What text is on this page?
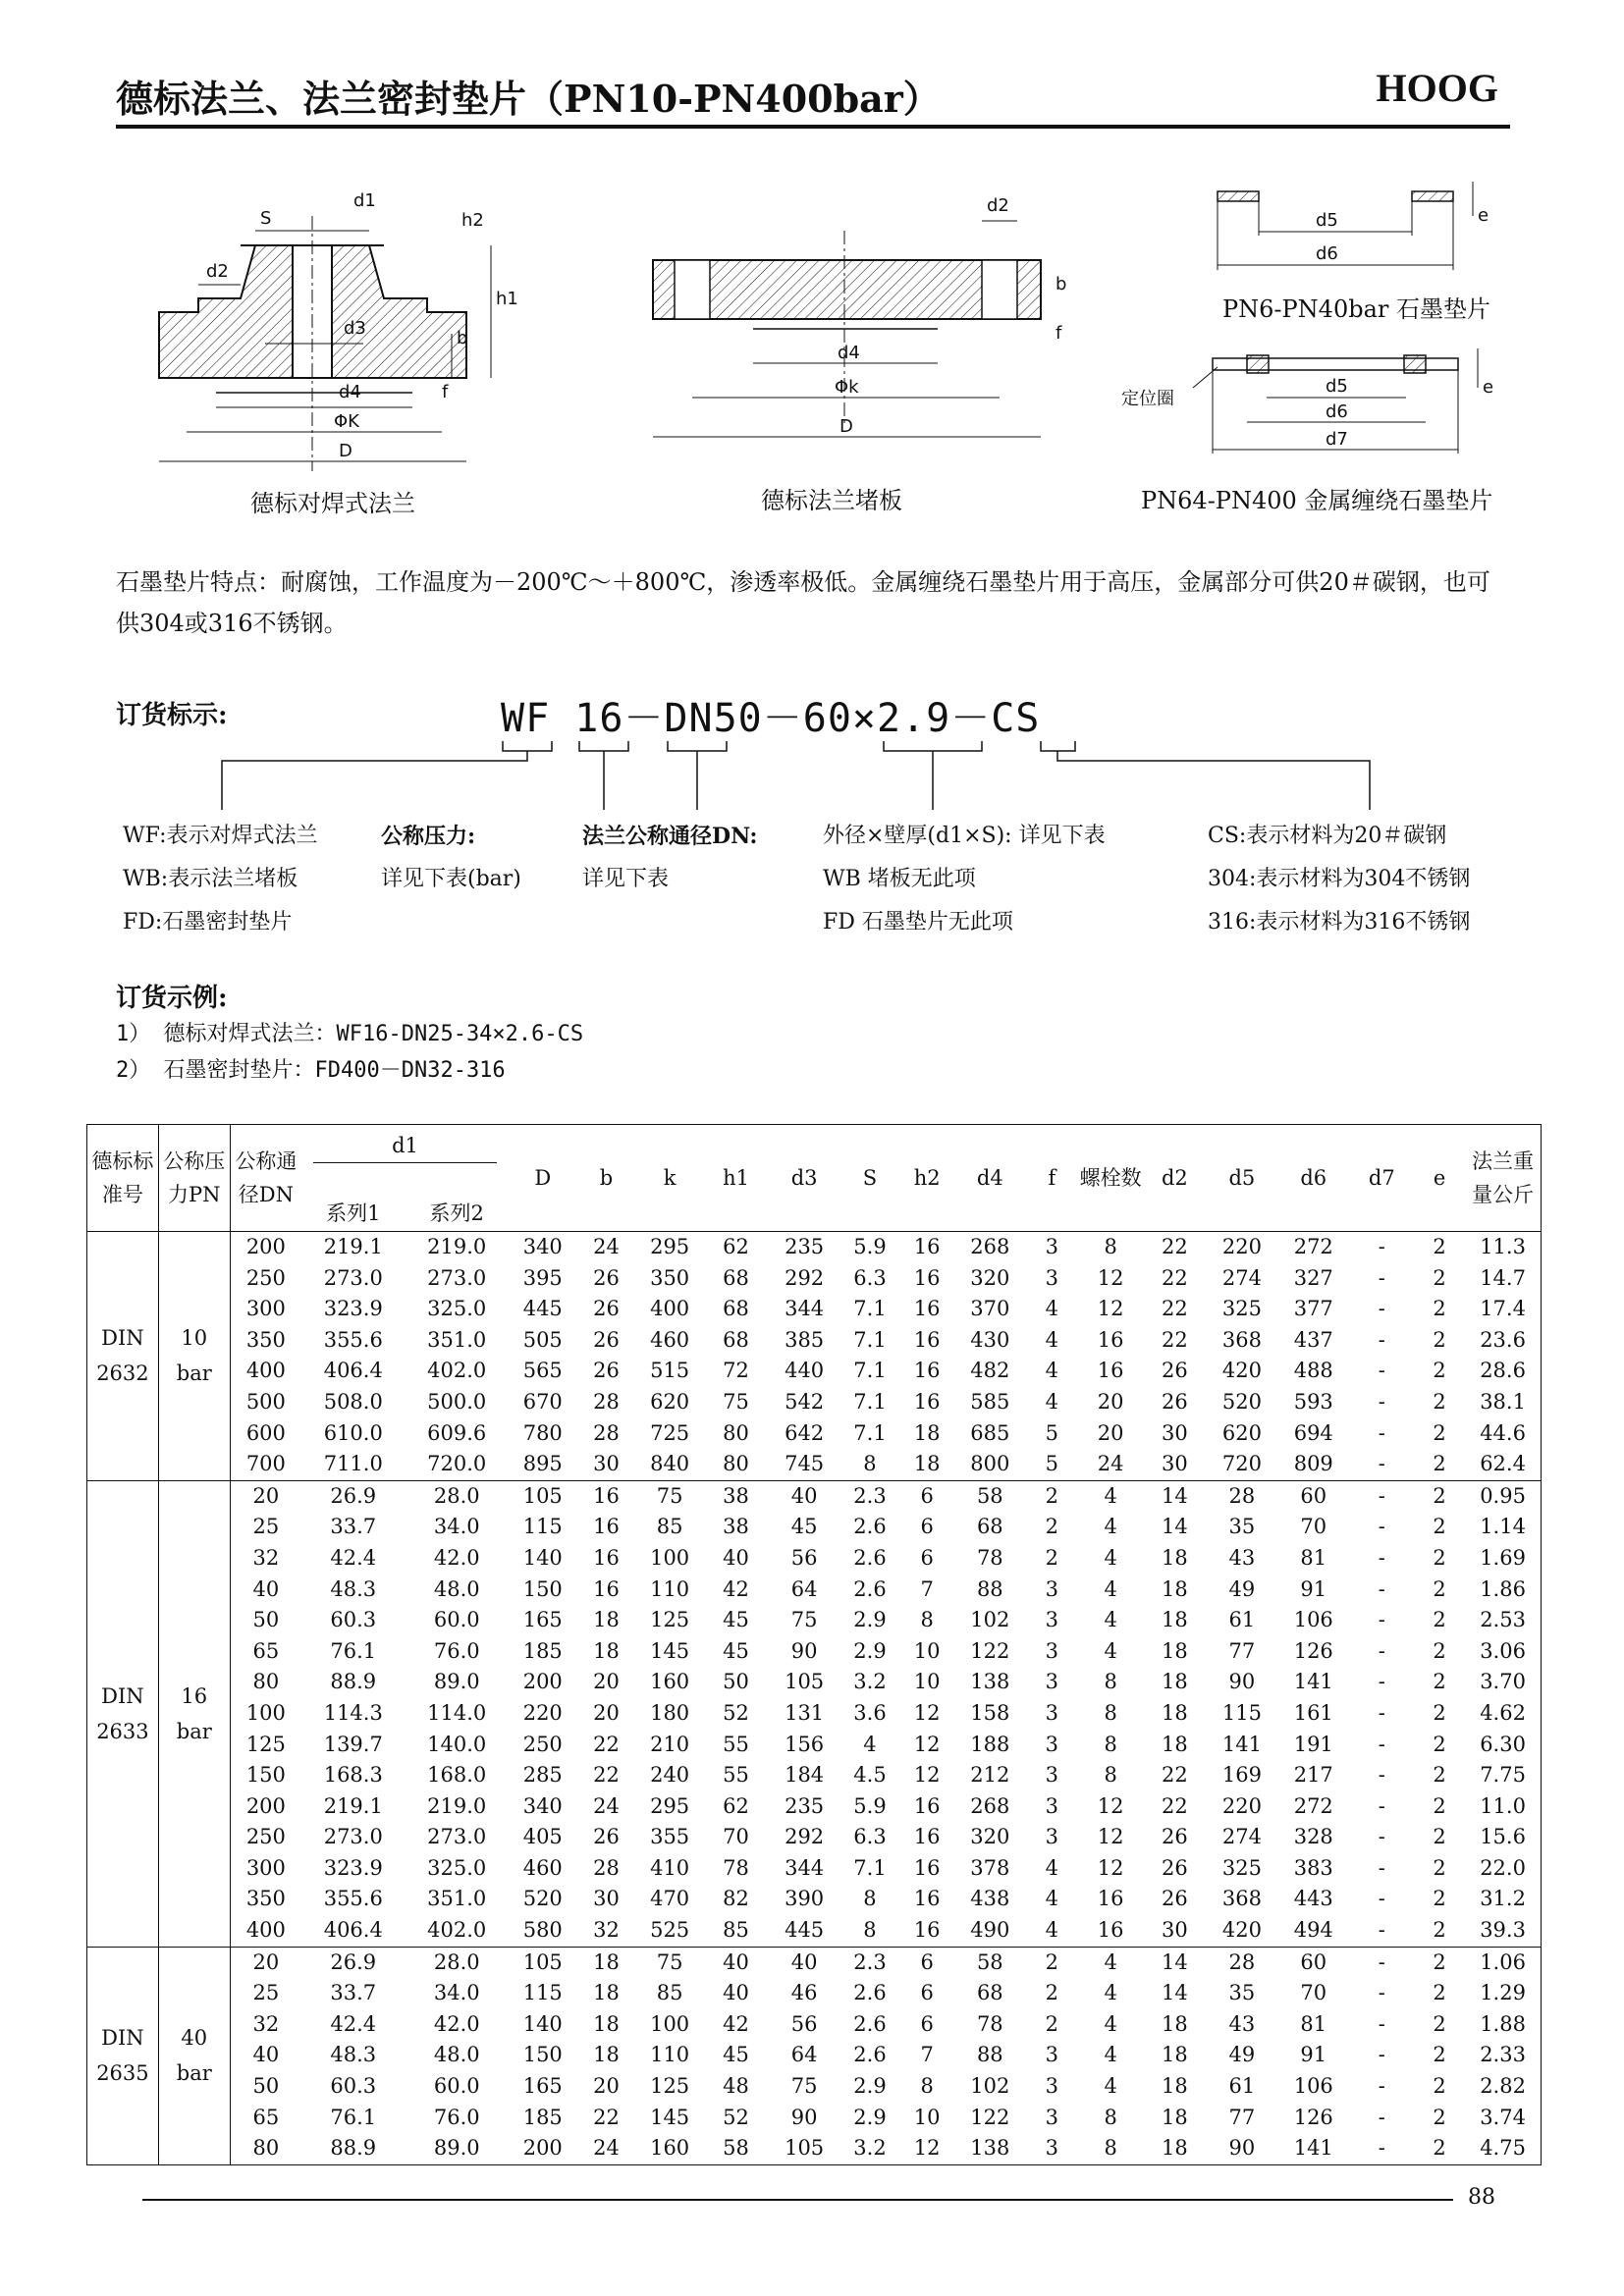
德标法兰、法兰密封垫片（PN10-PN400bar）	HOOG
d1
S	h2
d2
h1
d3	b
d4	f
ΦK
D
德标对焊式法兰
d2
b
f
d4
Φk
D
德标法兰堵板
d5
d6
e
PN6-PN40bar 石墨垫片
定位圈
d5
d6
d7
e
PN64-PN400 金属缠绕石墨垫片
石墨垫片特点：耐腐蚀，工作温度为－200℃～＋800℃，渗透率极低。金属缠绕石墨垫片用于高压，金属部分可供20＃碳钢，也可供304或316不锈钢。
订货标示:	WF 16－DN50－60×2.9－CS
WF:表示对焊式法兰
WB:表示法兰堵板
FD:石墨密封垫片
公称压力:
详见下表(bar)
法兰公称通径DN:
详见下表
外径×壁厚(d1×S): 详见下表
WB 堵板无此项
FD 石墨垫片无此项
CS:表示材料为20＃碳钢
304:表示材料为304不锈钢
316:表示材料为316不锈钢
订货示例:
1） 德标对焊式法兰：WF16-DN25-34×2.6-CS
2） 石墨密封垫片：FD400－DN32-316
德标标准号	公称压力PN	公称通径DN	d1
系列1 系列2		D	b	k	h1	d3	S	h2	d4	f	螺栓数	d2	d5	d6	d7	e	法兰重量公斤
DIN
2632	10
bar	200	219.1	219.0	340	24	295	62	235	5.9	16	268	3	8	22	220	272	-	2	11.3
		250	273.0	273.0	395	26	350	68	292	6.3	16	320	3	12	22	274	327	-	2	14.7
		300	323.9	325.0	445	26	400	68	344	7.1	16	370	4	12	22	325	377	-	2	17.4
		350	355.6	351.0	505	26	460	68	385	7.1	16	430	4	16	22	368	437	-	2	23.6
		400	406.4	402.0	565	26	515	72	440	7.1	16	482	4	16	26	420	488	-	2	28.6
		500	508.0	500.0	670	28	620	75	542	7.1	16	585	4	20	26	520	593	-	2	38.1
		600	610.0	609.6	780	28	725	80	642	7.1	18	685	5	20	30	620	694	-	2	44.6
		700	711.0	720.0	895	30	840	80	745	8	18	800	5	24	30	720	809	-	2	62.4
DIN
2633	16
bar	20	26.9	28.0	105	16	75	38	40	2.3	6	58	2	4	14	28	60	-	2	0.95
		25	33.7	34.0	115	16	85	38	45	2.6	6	68	2	4	14	35	70	-	2	1.14
		32	42.4	42.0	140	16	100	40	56	2.6	6	78	2	4	18	43	81	-	2	1.69
		40	48.3	48.0	150	16	110	42	64	2.6	7	88	3	4	18	49	91	-	2	1.86
		50	60.3	60.0	165	18	125	45	75	2.9	8	102	3	4	18	61	106	-	2	2.53
		65	76.1	76.0	185	18	145	45	90	2.9	10	122	3	4	18	77	126	-	2	3.06
		80	88.9	89.0	200	20	160	50	105	3.2	10	138	3	8	18	90	141	-	2	3.70
		100	114.3	114.0	220	20	180	52	131	3.6	12	158	3	8	18	115	161	-	2	4.62
		125	139.7	140.0	250	22	210	55	156	4	12	188	3	8	18	141	191	-	2	6.30
		150	168.3	168.0	285	22	240	55	184	4.5	12	212	3	8	22	169	217	-	2	7.75
		200	219.1	219.0	340	24	295	62	235	5.9	16	268	3	12	22	220	272	-	2	11.0
		250	273.0	273.0	405	26	355	70	292	6.3	16	320	3	12	26	274	328	-	2	15.6
		300	323.9	325.0	460	28	410	78	344	7.1	16	378	4	12	26	325	383	-	2	22.0
		350	355.6	351.0	520	30	470	82	390	8	16	438	4	16	26	368	443	-	2	31.2
		400	406.4	402.0	580	32	525	85	445	8	16	490	4	16	30	420	494	-	2	39.3
DIN
2635	40
bar	20	26.9	28.0	105	18	75	40	40	2.3	6	58	2	4	14	28	60	-	2	1.06
		25	33.7	34.0	115	18	85	40	46	2.6	6	68	2	4	14	35	70	-	2	1.29
		32	42.4	42.0	140	18	100	42	56	2.6	6	78	2	4	18	43	81	-	2	1.88
		40	48.3	48.0	150	18	110	45	64	2.6	7	88	3	4	18	49	91	-	2	2.33
		50	60.3	60.0	165	20	125	48	75	2.9	8	102	3	4	18	61	106	-	2	2.82
		65	76.1	76.0	185	22	145	52	90	2.9	10	122	3	8	18	77	126	-	2	3.74
		80	88.9	89.0	200	24	160	58	105	3.2	12	138	3	8	18	90	141	-	2	4.75
88
